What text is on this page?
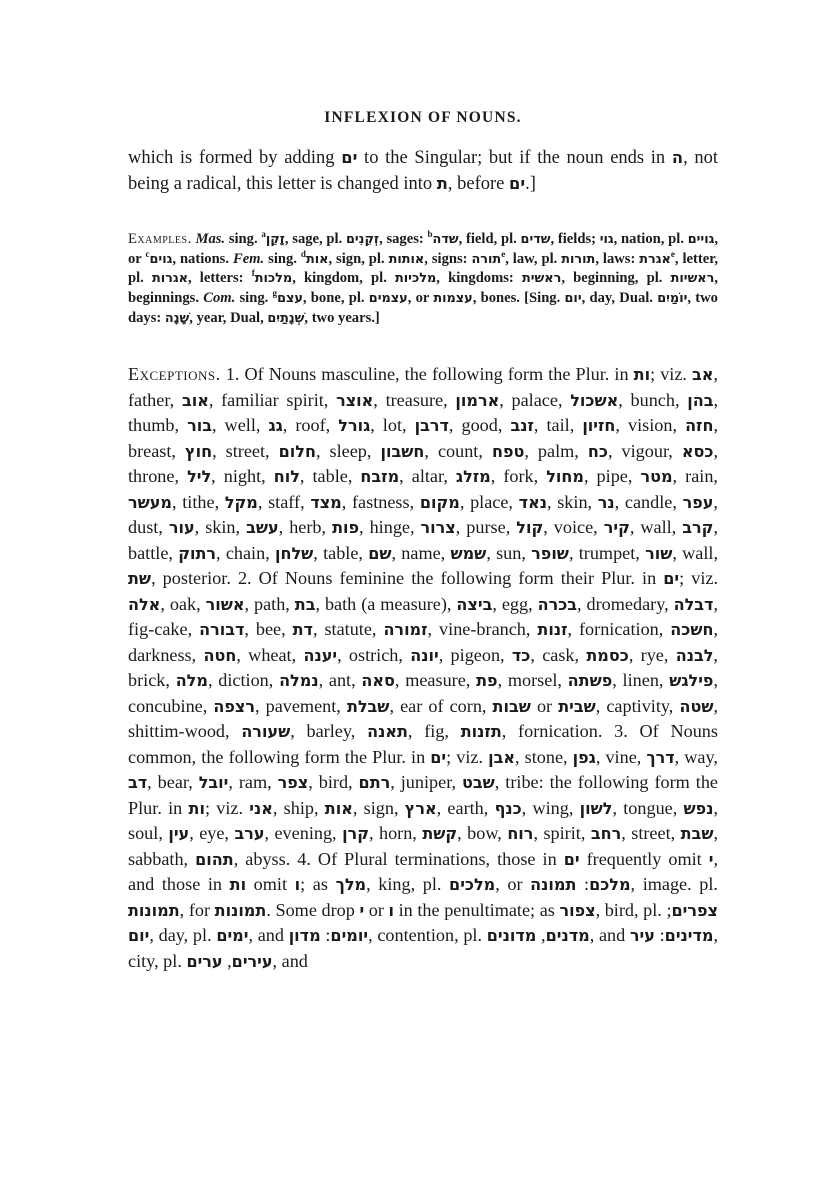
INFLEXION OF NOUNS.
which is formed by adding ים to the Singular; but if the noun ends in ה, not being a radical, this letter is changed into ת, before ים.]
Examples. Mas. sing. $^a$זָקֵן, sage, pl. זְקֵנִים, sages: $^b$שדה, field, pl. שדים, fields; גוי, nation, pl. גויים, or $^c$גוים, nations. Fem. sing. $^d$אות, sign, pl. אותות, signs: תורה$^e$, law, pl. תורות, laws: אגרת$^e$, letter, pl. אגרות, letters: $^f$מלכות, kingdom, pl. מלכיות, kingdoms: ראשית, beginning, pl. ראשיות, beginnings. Com. sing. $^g$עצם, bone, pl. עצמים, or עצמות, bones. [Sing. יום, day, Dual. יוֹמַיִם, two days: שָׁנָה, year, Dual, שְׁנָתַיִם, two years.]
Exceptions. 1. Of Nouns masculine, the following form the Plur. in ות; viz. אב, father, אוב, familiar spirit, אוצר, treasure, ארמון, palace, אשכול, bunch, בהן, thumb, בור, well, גג, roof, גורל, lot, דרבן, good, זנב, tail, חזיון, vision, חזה, breast, חוץ, street, חלום, sleep, חשבון, count, טפח, palm, כח, vigour, כסא, throne, ליל, night, לוח, table, מזבח, altar, מזלג, fork, מחול, pipe, מטר, rain, מעשר, tithe, מקל, staff, מצד, fastness, מקום, place, נאד, skin, נר, candle, עפר, dust, עור, skin, עשב, herb, פות, hinge, צרור, purse, קול, voice, קיר, wall, קרב, battle, רתוק, chain, שלחן, table, שם, name, שמש, sun, שופר, trumpet, שור, wall, שת, posterior. 2. Of Nouns feminine the following form their Plur. in ים; viz. אלה, oak, אשור, path, בת, bath (a measure), ביצה, egg, בכרה, dromedary, דבלה, fig-cake, דבורה, bee, דת, statute, זמורה, vine-branch, זנות, fornication, חשכה, darkness, חטה, wheat, יענה, ostrich, יונה, pigeon, כד, cask, כסמת, rye, לבנה, brick, מלה, diction, נמלה, ant, סאה, measure, פת, morsel, פשתה, linen, פילגש, concubine, רצפה, pavement, שבלת, ear of corn, שבות or שבית, captivity, שטה, shittim-wood, שעורה, barley, תאנה, fig, תזנות, fornication. 3. Of Nouns common, the following form the Plur. in ים; viz. אבן, stone, גפן, vine, דרך, way, דב, bear, יובל, ram, צפר, bird, רתם, juniper, שבט, tribe: the following form the Plur. in ות; viz. אני, ship, אות, sign, ארץ, earth, כנף, wing, לשון, tongue, נפש, soul, עין, eye, ערב, evening, קרן, horn, קשת, bow, רוח, spirit, רחב, street, שבת, sabbath, תהום, abyss. 4. Of Plural terminations, those in ים frequently omit י, and those in ות omit ו; as מלך, king, pl. מלכים, or	מלכם: תמונה	, image. pl. תמונות, for תמונות. Some drop י or ו in the penultimate; as צפור, bird, pl. צפרים; יום, day, pl. ימים, and	יומים: מדון	, contention, pl.	מדנים, מדונים	, and מדינים: עיר	, city, pl.	עירים, ערים	, and
